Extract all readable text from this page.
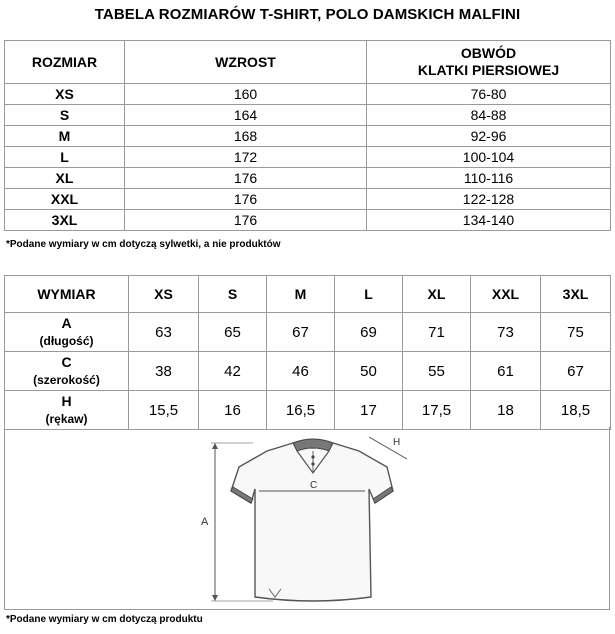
TABELA ROZMIARÓW T-SHIRT, POLO DAMSKICH MALFINI
ROZMIAR	WZROST	OBWÓD
KLATKI PIERSIOWEJ
XS	160	76-80
S	164	84-88
M	168	92-96
L	172	100-104
XL	176	110-116
XXL	176	122-128
3XL	176	134-140
*Podane wymiary w cm dotyczą sylwetki, a nie produktów
WYMIAR	XS	S	M	L	XL	XXL	3XL
A
(długość)	63	65	67	69	71	73	75
C
(szerokość)	38	42	46	50	55	61	67
H
(rękaw)	15,5	16	16,5	17	17,5	18	18,5
A
C
H
*Podane wymiary w cm dotyczą produktu
